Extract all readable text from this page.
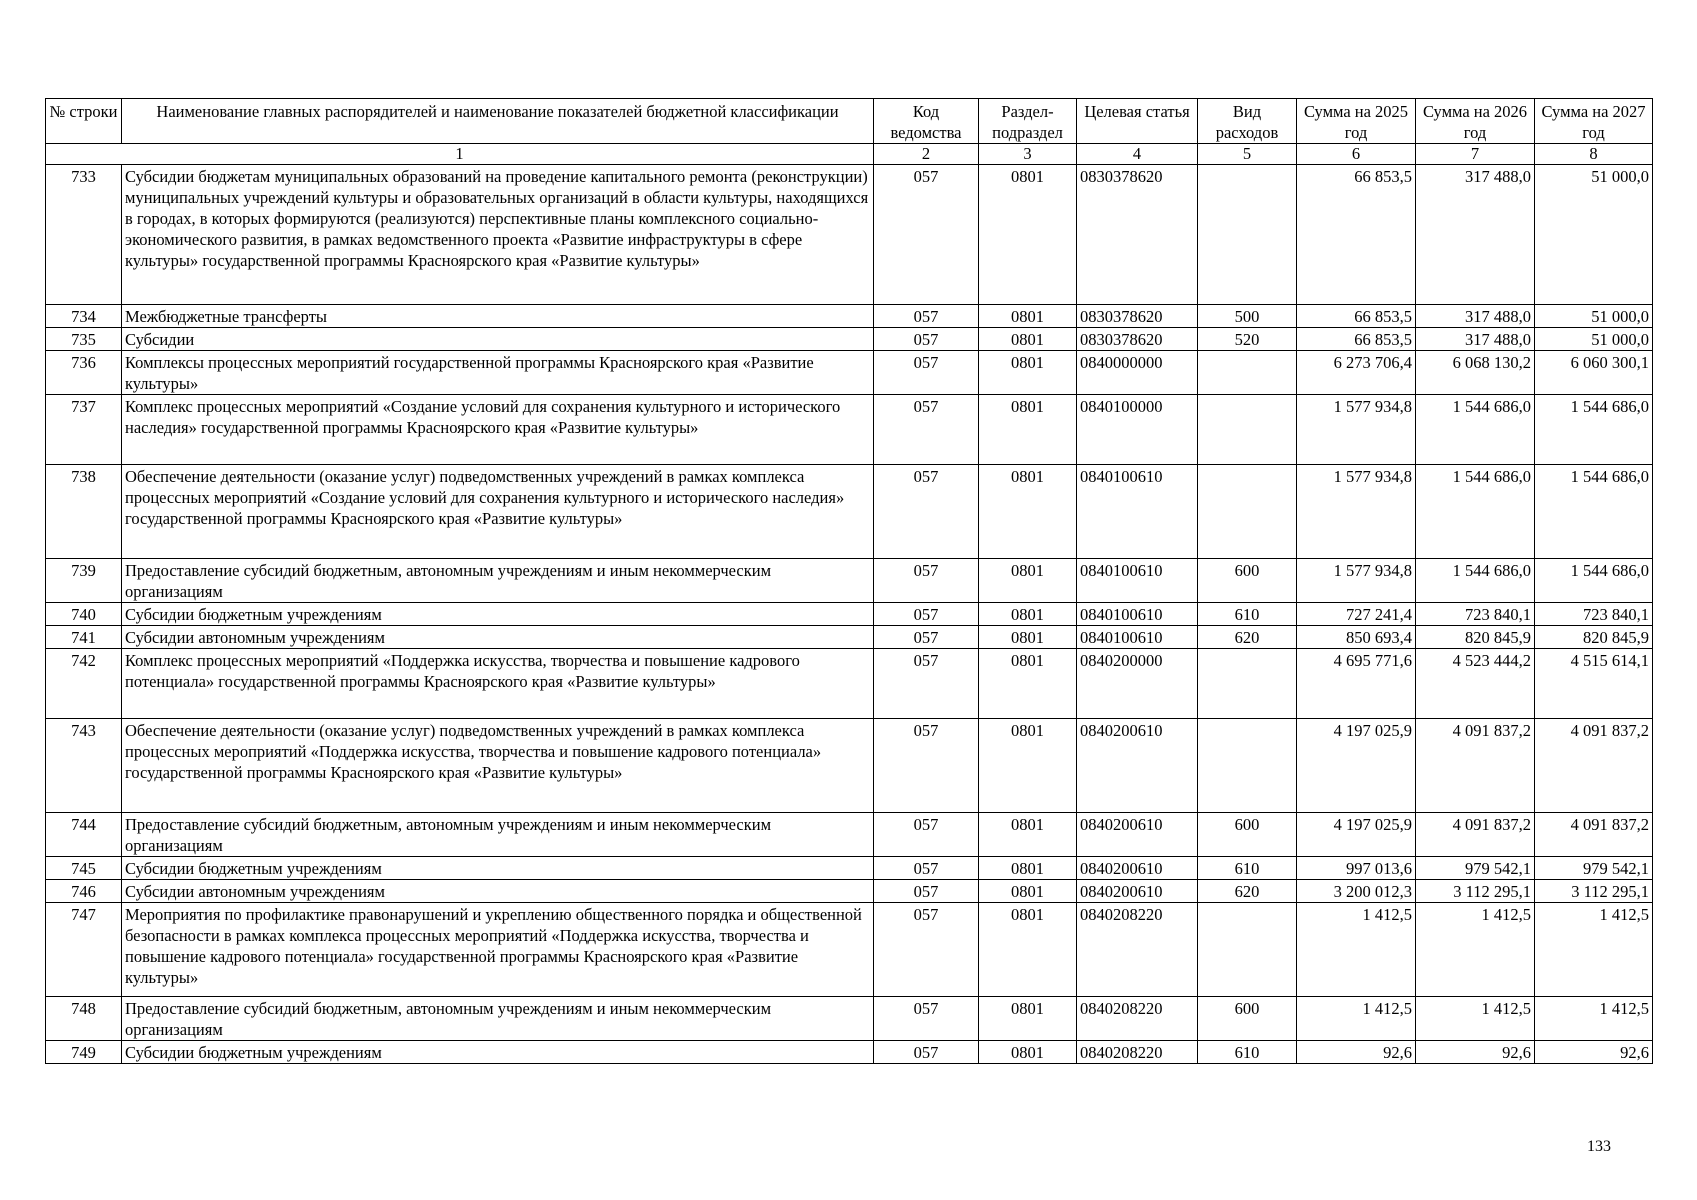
№ строки	Наименование главных распорядителей и наименование показателей бюджетной классификации	Код ведомства	Раздел-подраздел	Целевая статья	Вид расходов	Сумма на 2025 год	Сумма на 2026 год	Сумма на 2027 год
1		2	3	4	5	6	7	8
733	Субсидии бюджетам муниципальных образований на проведение капитального ремонта (реконструкции) муниципальных учреждений культуры и образовательных организаций в области культуры, находящихся в городах, в которых формируются (реализуются) перспективные планы комплексного социально-экономического развития, в рамках ведомственного проекта «Развитие инфраструктуры в сфере культуры» государственной программы Красноярского края «Развитие культуры»	057	0801	0830378620		66 853,5	317 488,0	51 000,0
734	Межбюджетные трансферты	057	0801	0830378620	500	66 853,5	317 488,0	51 000,0
735	Субсидии	057	0801	0830378620	520	66 853,5	317 488,0	51 000,0
736	Комплексы процессных мероприятий государственной программы Красноярского края «Развитие культуры»	057	0801	0840000000		6 273 706,4	6 068 130,2	6 060 300,1
737	Комплекс процессных мероприятий «Создание условий для сохранения культурного и исторического наследия» государственной программы Красноярского края «Развитие культуры»	057	0801	0840100000		1 577 934,8	1 544 686,0	1 544 686,0
738	Обеспечение деятельности (оказание услуг) подведомственных учреждений в рамках комплекса процессных мероприятий «Создание условий для сохранения культурного и исторического наследия» государственной программы Красноярского края «Развитие культуры»	057	0801	0840100610		1 577 934,8	1 544 686,0	1 544 686,0
739	Предоставление субсидий бюджетным, автономным учреждениям и иным некоммерческим организациям	057	0801	0840100610	600	1 577 934,8	1 544 686,0	1 544 686,0
740	Субсидии бюджетным учреждениям	057	0801	0840100610	610	727 241,4	723 840,1	723 840,1
741	Субсидии автономным учреждениям	057	0801	0840100610	620	850 693,4	820 845,9	820 845,9
742	Комплекс процессных мероприятий «Поддержка искусства, творчества и повышение кадрового потенциала» государственной программы Красноярского края «Развитие культуры»	057	0801	0840200000		4 695 771,6	4 523 444,2	4 515 614,1
743	Обеспечение деятельности (оказание услуг) подведомственных учреждений в рамках комплекса процессных мероприятий «Поддержка искусства, творчества и повышение кадрового потенциала» государственной программы Красноярского края «Развитие культуры»	057	0801	0840200610		4 197 025,9	4 091 837,2	4 091 837,2
744	Предоставление субсидий бюджетным, автономным учреждениям и иным некоммерческим организациям	057	0801	0840200610	600	4 197 025,9	4 091 837,2	4 091 837,2
745	Субсидии бюджетным учреждениям	057	0801	0840200610	610	997 013,6	979 542,1	979 542,1
746	Субсидии автономным учреждениям	057	0801	0840200610	620	3 200 012,3	3 112 295,1	3 112 295,1
747	Мероприятия по профилактике правонарушений и укреплению общественного порядка и общественной безопасности в рамках комплекса процессных мероприятий «Поддержка искусства, творчества и повышение кадрового потенциала» государственной программы Красноярского края «Развитие культуры»	057	0801	0840208220		1 412,5	1 412,5	1 412,5
748	Предоставление субсидий бюджетным, автономным учреждениям и иным некоммерческим организациям	057	0801	0840208220	600	1 412,5	1 412,5	1 412,5
749	Субсидии бюджетным учреждениям	057	0801	0840208220	610	92,6	92,6	92,6
133
